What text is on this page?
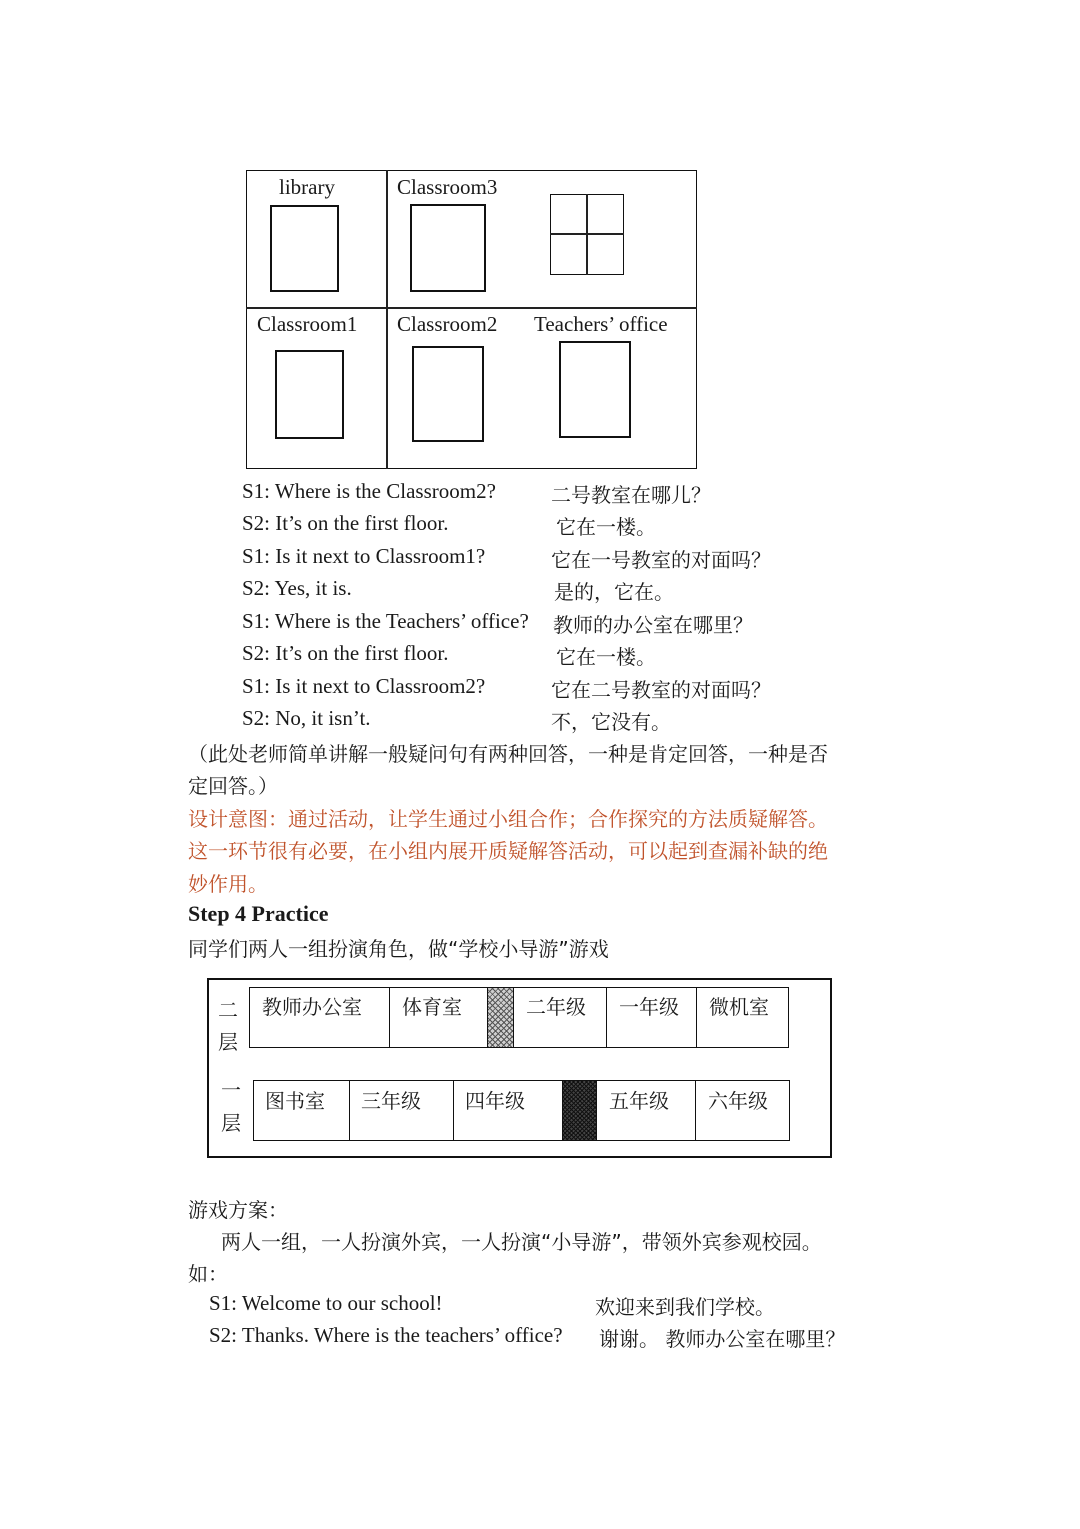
library	Classroom3
Classroom1 Classroom2 Teachers’ office
S1: Where is the Classroom2?	二号教室在哪儿？
S2: It’s on the first floor.	它在一楼。
S1: Is it next to Classroom1?	它在一号教室的对面吗？
S2: Yes, it is.	是的，它在。
S1: Where is the Teachers’ office? 教师的办公室在哪里？
S2: It’s on the first floor.	它在一楼。
S1: Is it next to Classroom2?	它在二号教室的对面吗？
S2: No, it isn’t.	不，它没有。
（此处老师简单讲解一般疑问句有两种回答，一种是肯定回答，一种是否
定回答。）
设计意图：通过活动，让学生通过小组合作；合作探究的方法质疑解答。
这一环节很有必要，在小组内展开质疑解答活动，可以起到查漏补缺的绝
妙作用。
Step 4 Practice
同学们两人一组扮演角色，做“学校小导游”游戏
二
层
教师办公室 体育室	二年级 一年级 微机室
一
层
图书室 三年级 四年级	五年级 六年级
游戏方案：
两人一组，一人扮演外宾，一人扮演“小导游”，带领外宾参观校园。
如：
S1: Welcome to our school!	欢迎来到我们学校。
S2: Thanks. Where is the teachers’ office? 谢谢。 教师办公室在哪里？
